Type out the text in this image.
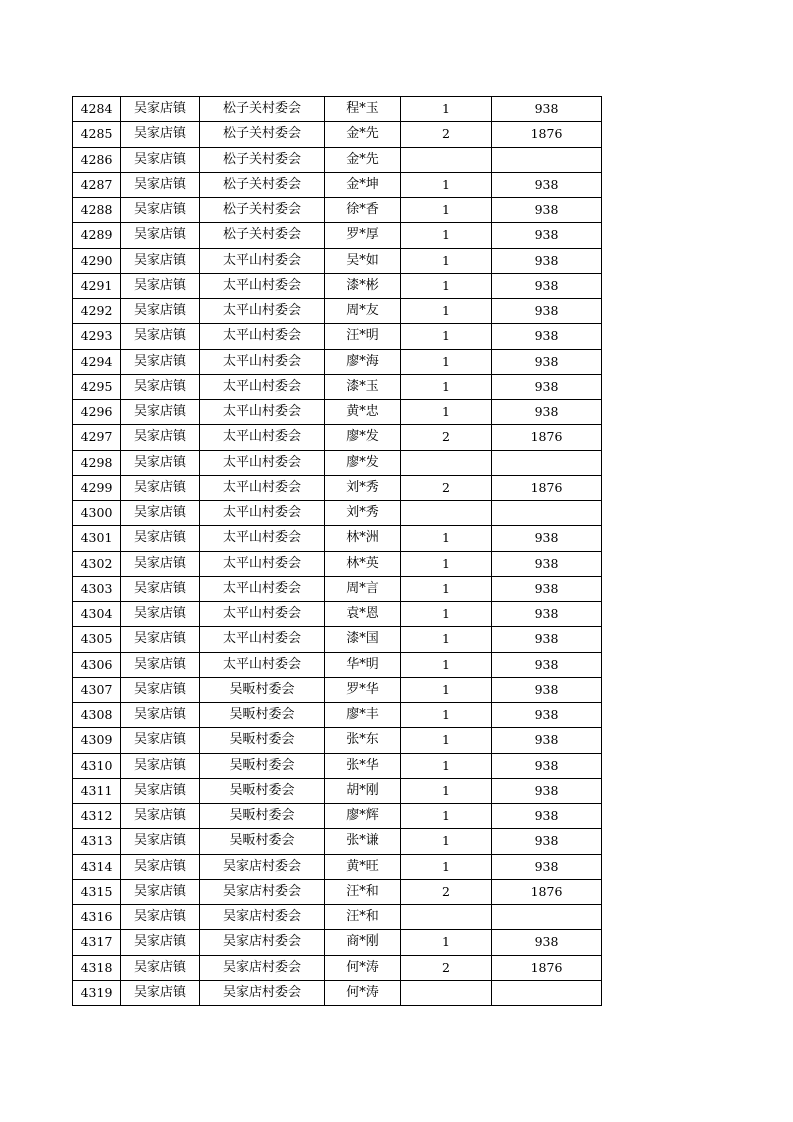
4284	吴家店镇	松子关村委会	程*玉	1	938
4285	吴家店镇	松子关村委会	金*先	2	1876
4286	吴家店镇	松子关村委会	金*先		
4287	吴家店镇	松子关村委会	金*坤	1	938
4288	吴家店镇	松子关村委会	徐*香	1	938
4289	吴家店镇	松子关村委会	罗*厚	1	938
4290	吴家店镇	太平山村委会	吴*如	1	938
4291	吴家店镇	太平山村委会	漆*彬	1	938
4292	吴家店镇	太平山村委会	周*友	1	938
4293	吴家店镇	太平山村委会	汪*明	1	938
4294	吴家店镇	太平山村委会	廖*海	1	938
4295	吴家店镇	太平山村委会	漆*玉	1	938
4296	吴家店镇	太平山村委会	黄*忠	1	938
4297	吴家店镇	太平山村委会	廖*发	2	1876
4298	吴家店镇	太平山村委会	廖*发		
4299	吴家店镇	太平山村委会	刘*秀	2	1876
4300	吴家店镇	太平山村委会	刘*秀		
4301	吴家店镇	太平山村委会	林*洲	1	938
4302	吴家店镇	太平山村委会	林*英	1	938
4303	吴家店镇	太平山村委会	周*言	1	938
4304	吴家店镇	太平山村委会	袁*恩	1	938
4305	吴家店镇	太平山村委会	漆*国	1	938
4306	吴家店镇	太平山村委会	华*明	1	938
4307	吴家店镇	吴畈村委会	罗*华	1	938
4308	吴家店镇	吴畈村委会	廖*丰	1	938
4309	吴家店镇	吴畈村委会	张*东	1	938
4310	吴家店镇	吴畈村委会	张*华	1	938
4311	吴家店镇	吴畈村委会	胡*刚	1	938
4312	吴家店镇	吴畈村委会	廖*辉	1	938
4313	吴家店镇	吴畈村委会	张*谦	1	938
4314	吴家店镇	吴家店村委会	黄*旺	1	938
4315	吴家店镇	吴家店村委会	汪*和	2	1876
4316	吴家店镇	吴家店村委会	汪*和		
4317	吴家店镇	吴家店村委会	商*刚	1	938
4318	吴家店镇	吴家店村委会	何*涛	2	1876
4319	吴家店镇	吴家店村委会	何*涛		
